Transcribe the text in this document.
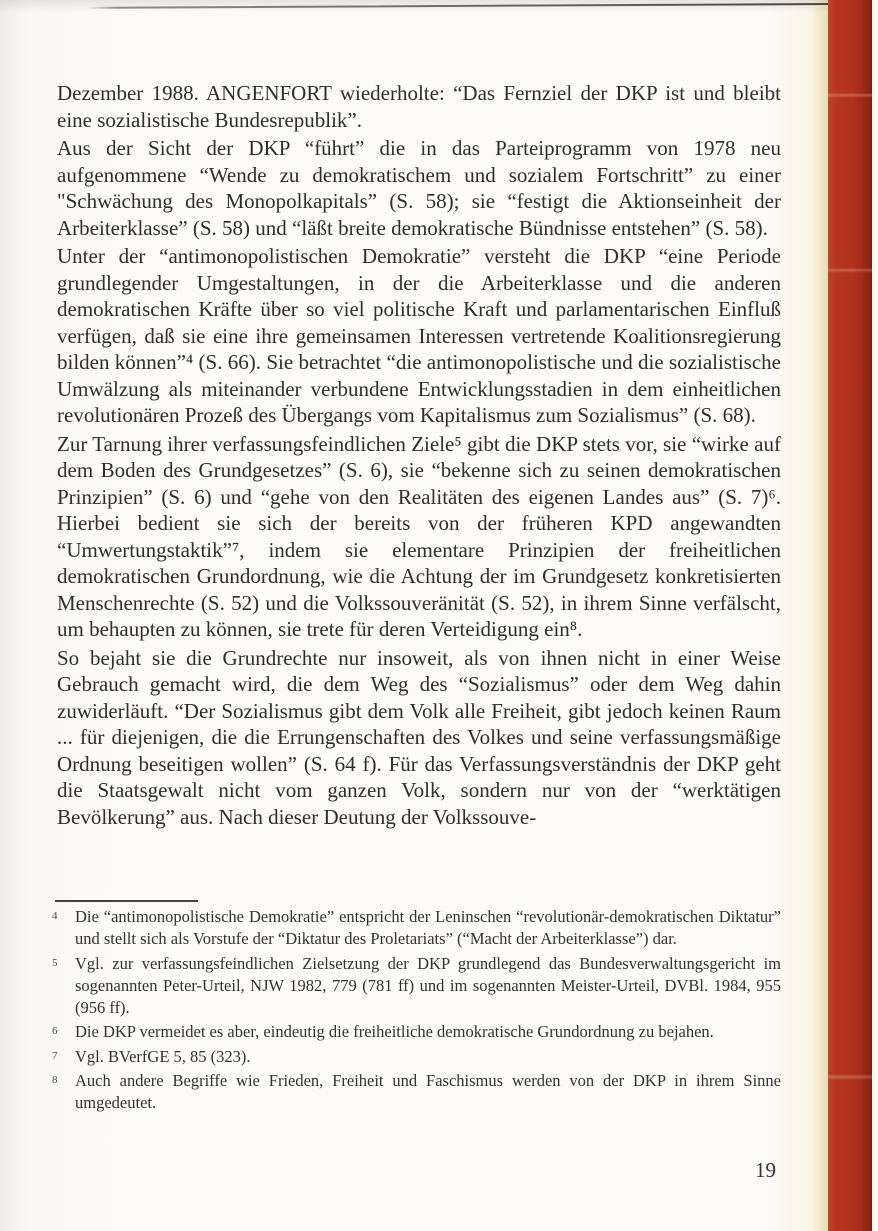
Dezember 1988. ANGENFORT wiederholte: “Das Fernziel der DKP ist und bleibt eine sozialistische Bundesrepublik”.

Aus der Sicht der DKP “führt” die in das Parteiprogramm von 1978 neu aufgenommene “Wende zu demokratischem und sozialem Fortschritt” zu einer "Schwächung des Monopolkapitals” (S. 58); sie “festigt die Aktionseinheit der Arbeiterklasse” (S. 58) und “läßt breite demokratische Bündnisse entstehen” (S. 58).

Unter der “antimonopolistischen Demokratie” versteht die DKP “eine Periode grundlegender Umgestaltungen, in der die Arbeiterklasse und die anderen demokratischen Kräfte über so viel politische Kraft und parlamentarischen Einfluß verfügen, daß sie eine ihre gemeinsamen Interessen vertretende Koalitionsregierung bilden können”⁴ (S. 66). Sie betrachtet “die antimonopolistische und die sozialistische Umwälzung als miteinander verbundene Entwicklungsstadien in dem einheitlichen revolutionären Prozeß des Übergangs vom Kapitalismus zum Sozialismus” (S. 68).

Zur Tarnung ihrer verfassungsfeindlichen Ziele⁵ gibt die DKP stets vor, sie “wirke auf dem Boden des Grundgesetzes” (S. 6), sie “bekenne sich zu seinen demokratischen Prinzipien” (S. 6) und “gehe von den Realitäten des eigenen Landes aus” (S. 7)⁶. Hierbei bedient sie sich der bereits von der früheren KPD angewandten “Umwertungstaktik”⁷, indem sie elementare Prinzipien der freiheitlichen demokratischen Grundordnung, wie die Achtung der im Grundgesetz konkretisierten Menschenrechte (S. 52) und die Volkssouveränität (S. 52), in ihrem Sinne verfälscht, um behaupten zu können, sie trete für deren Verteidigung ein⁸.

So bejaht sie die Grundrechte nur insoweit, als von ihnen nicht in einer Weise Gebrauch gemacht wird, die dem Weg des “Sozialismus” oder dem Weg dahin zuwiderläuft. “Der Sozialismus gibt dem Volk alle Freiheit, gibt jedoch keinen Raum ... für diejenigen, die die Errungenschaften des Volkes und seine verfassungsmäßige Ordnung beseitigen wollen” (S. 64 f). Für das Verfassungsverständnis der DKP geht die Staatsgewalt nicht vom ganzen Volk, sondern nur von der “werktätigen Bevölkerung” aus. Nach dieser Deutung der Volkssouve-

4	Die “antimonopolistische Demokratie” entspricht der Leninschen “revolutionär-demokratischen Diktatur” und stellt sich als Vorstufe der “Diktatur des Proletariats” (“Macht der Arbeiterklasse”) dar.
5	Vgl. zur verfassungsfeindlichen Zielsetzung der DKP grundlegend das Bundesverwaltungsgericht im sogenannten Peter-Urteil, NJW 1982, 779 (781 ff) und im sogenannten Meister-Urteil, DVBl. 1984, 955 (956 ff).
6	Die DKP vermeidet es aber, eindeutig die freiheitliche demokratische Grundordnung zu bejahen.
7	Vgl. BVerfGE 5, 85 (323).
8	Auch andere Begriffe wie Frieden, Freiheit und Faschismus werden von der DKP in ihrem Sinne umgedeutet.
19
